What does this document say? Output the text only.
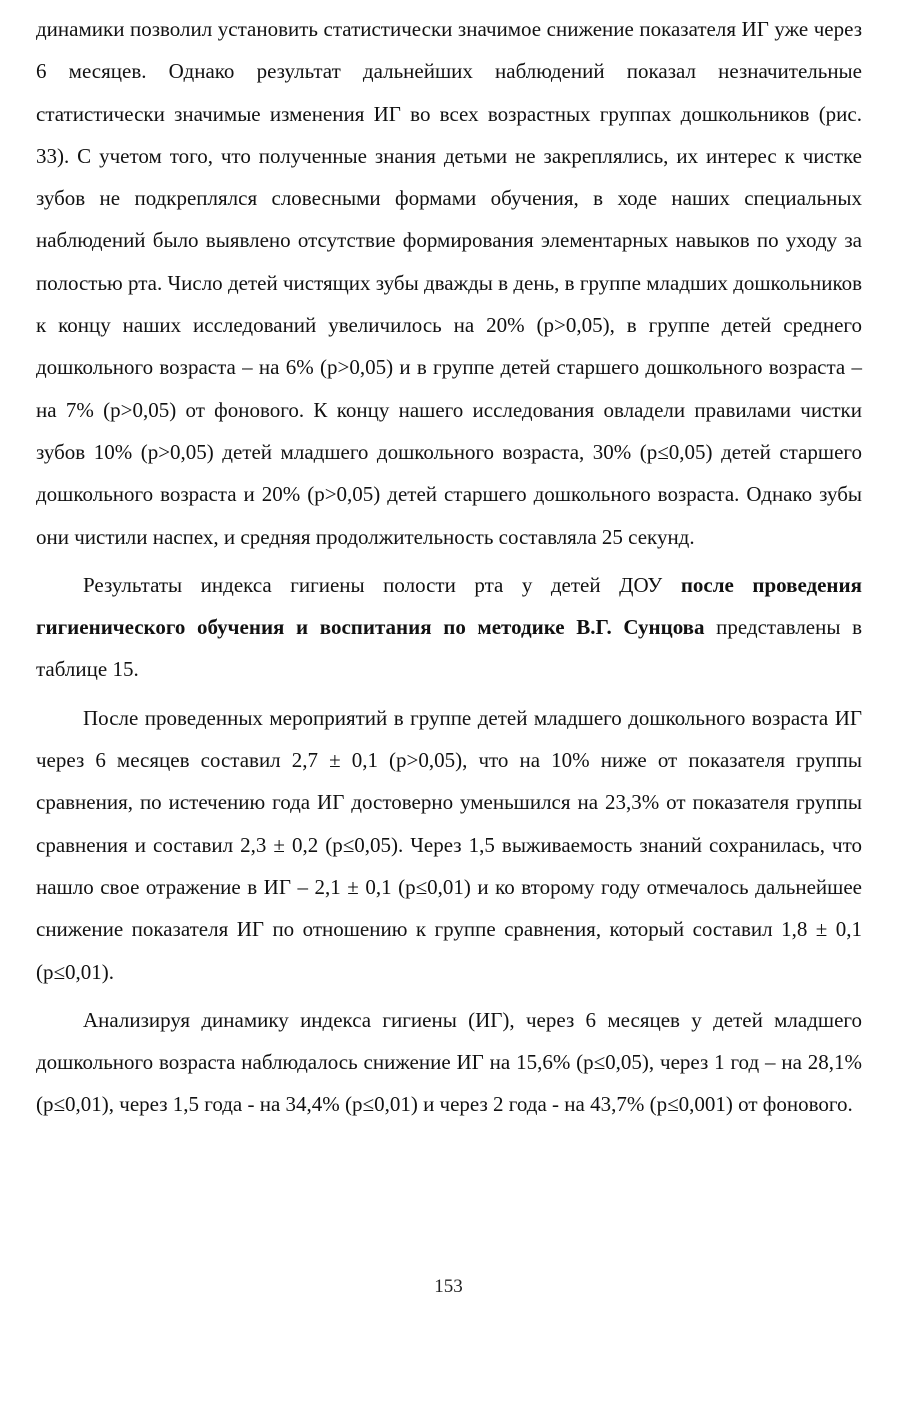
динамики позволил установить статистически значимое снижение показателя ИГ уже через 6 месяцев. Однако результат дальнейших наблюдений показал незначительные статистически значимые изменения ИГ во всех возрастных группах дошкольников (рис. 33). С учетом того, что полученные знания детьми не закреплялись, их интерес к чистке зубов не подкреплялся словесными формами обучения, в ходе наших специальных наблюдений было выявлено отсутствие формирования элементарных навыков по уходу за полостью рта. Число детей чистящих зубы дважды в день, в группе младших дошкольников к концу наших исследований увеличилось на 20% (p>0,05), в группе детей среднего дошкольного возраста – на 6% (p>0,05) и в группе детей старшего дошкольного возраста – на 7% (p>0,05) от фонового. К концу нашего исследования овладели правилами чистки зубов 10% (p>0,05) детей младшего дошкольного возраста, 30% (p≤0,05) детей старшего дошкольного возраста и 20% (p>0,05) детей старшего дошкольного возраста. Однако зубы они чистили наспех, и средняя продолжительность составляла 25 секунд.

Результаты индекса гигиены полости рта у детей ДОУ после проведения гигиенического обучения и воспитания по методике В.Г. Сунцова представлены в таблице 15.

После проведенных мероприятий в группе детей младшего дошкольного возраста ИГ через 6 месяцев составил 2,7 ± 0,1 (p>0,05), что на 10% ниже от показателя группы сравнения, по истечению года ИГ достоверно уменьшился на 23,3% от показателя группы сравнения и составил 2,3 ± 0,2 (p≤0,05). Через 1,5 выживаемость знаний сохранилась, что нашло свое отражение в ИГ – 2,1 ± 0,1 (p≤0,01) и ко второму году отмечалось дальнейшее снижение показателя ИГ по отношению к группе сравнения, который составил 1,8 ± 0,1 (p≤0,01).

Анализируя динамику индекса гигиены (ИГ), через 6 месяцев у детей младшего дошкольного возраста наблюдалось снижение ИГ на 15,6% (p≤0,05), через 1 год – на 28,1% (p≤0,01), через 1,5 года - на 34,4% (p≤0,01) и через 2 года - на 43,7% (p≤0,001) от фонового.

153
